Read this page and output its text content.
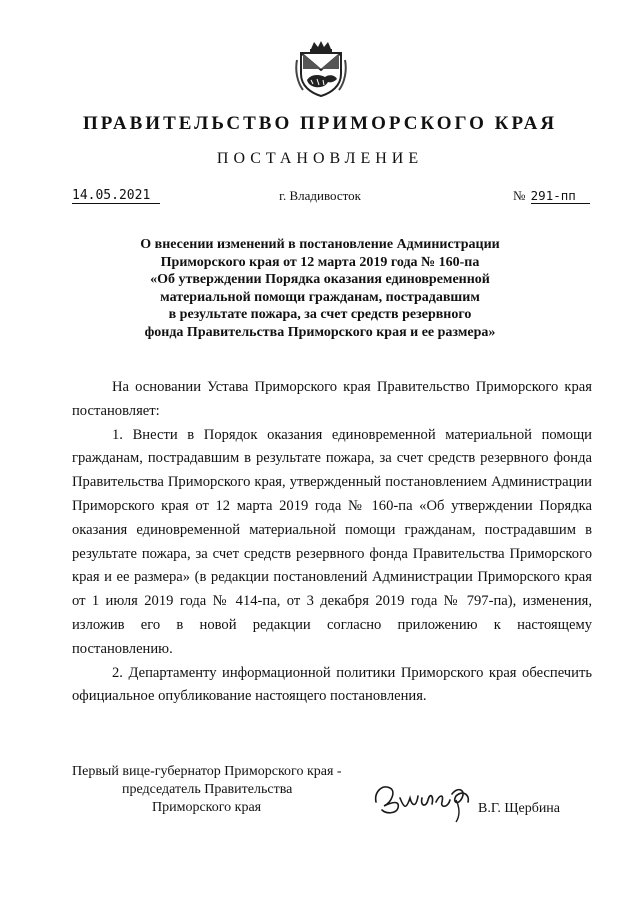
ПРАВИТЕЛЬСТВО ПРИМОРСКОГО КРАЯ
ПОСТАНОВЛЕНИЕ
14.05.2021	г. Владивосток	№ 291-пп
О внесении изменений в постановление Администрации
Приморского края от 12 марта 2019 года № 160-па
«Об утверждении Порядка оказания единовременной
материальной помощи гражданам, пострадавшим
в результате пожара, за счет средств резервного
фонда Правительства Приморского края и ее размера»

На основании Устава Приморского края Правительство Приморского края постановляет:

1. Внести в Порядок оказания единовременной материальной помощи гражданам, пострадавшим в результате пожара, за счет средств резервного фонда Правительства Приморского края, утвержденный постановлением Администрации Приморского края от 12 марта 2019 года № 160-па «Об утверждении Порядка оказания единовременной материальной помощи гражданам, пострадавшим в результате пожара, за счет средств резервного фонда Правительства Приморского края и ее размера» (в редакции постановлений Администрации Приморского края от 1 июля 2019 года № 414-па, от 3 декабря 2019 года № 797-па), изменения, изложив его в новой редакции согласно приложению к настоящему постановлению.

2. Департаменту информационной политики Приморского края обеспечить официальное опубликование настоящего постановления.

Первый вице-губернатор Приморского края -
председатель Правительства
Приморского края	В.Г. Щербина
